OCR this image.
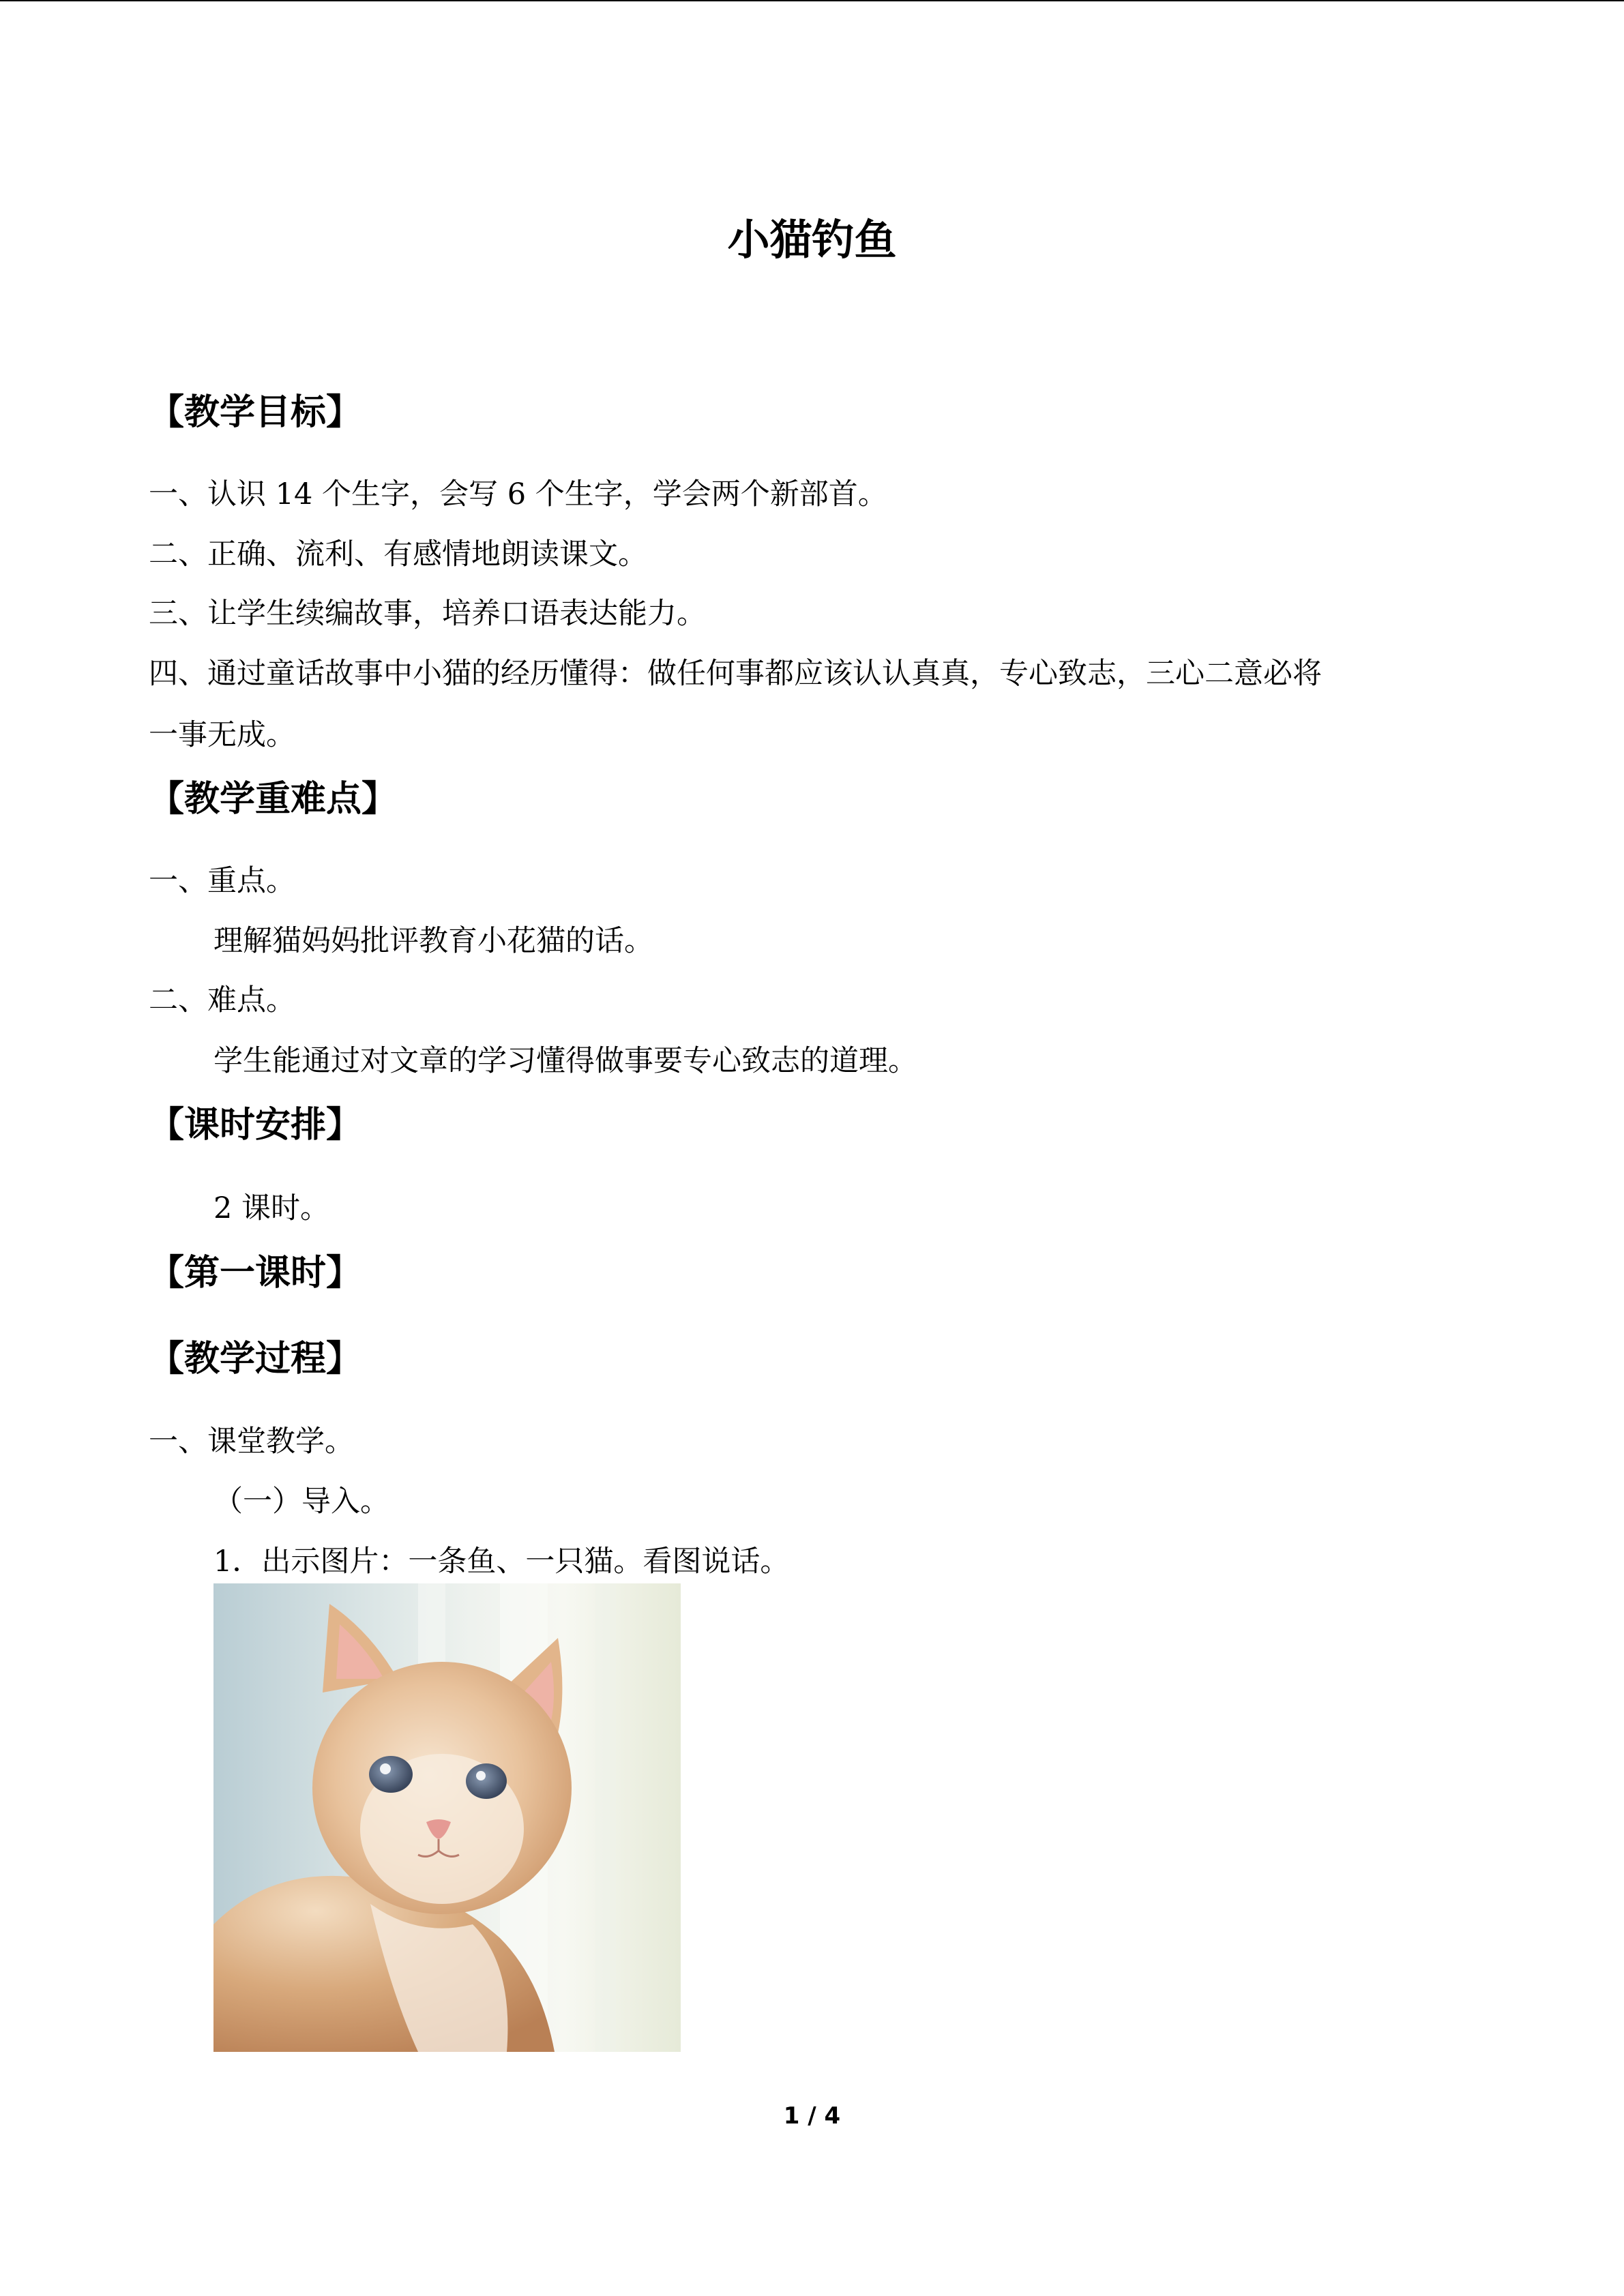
小猫钓鱼
【教学目标】
一、认识 14 个生字，会写 6 个生字，学会两个新部首。
二、正确、流利、有感情地朗读课文。
三、让学生续编故事，培养口语表达能力。
四、通过童话故事中小猫的经历懂得：做任何事都应该认认真真，专心致志，三心二意必将
一事无成。
【教学重难点】
一、重点。
理解猫妈妈批评教育小花猫的话。
二、难点。
学生能通过对文章的学习懂得做事要专心致志的道理。
【课时安排】
2 课时。
【第一课时】
【教学过程】
一、课堂教学。
（一）导入。
1．出示图片：一条鱼、一只猫。看图说话。
1 / 4
